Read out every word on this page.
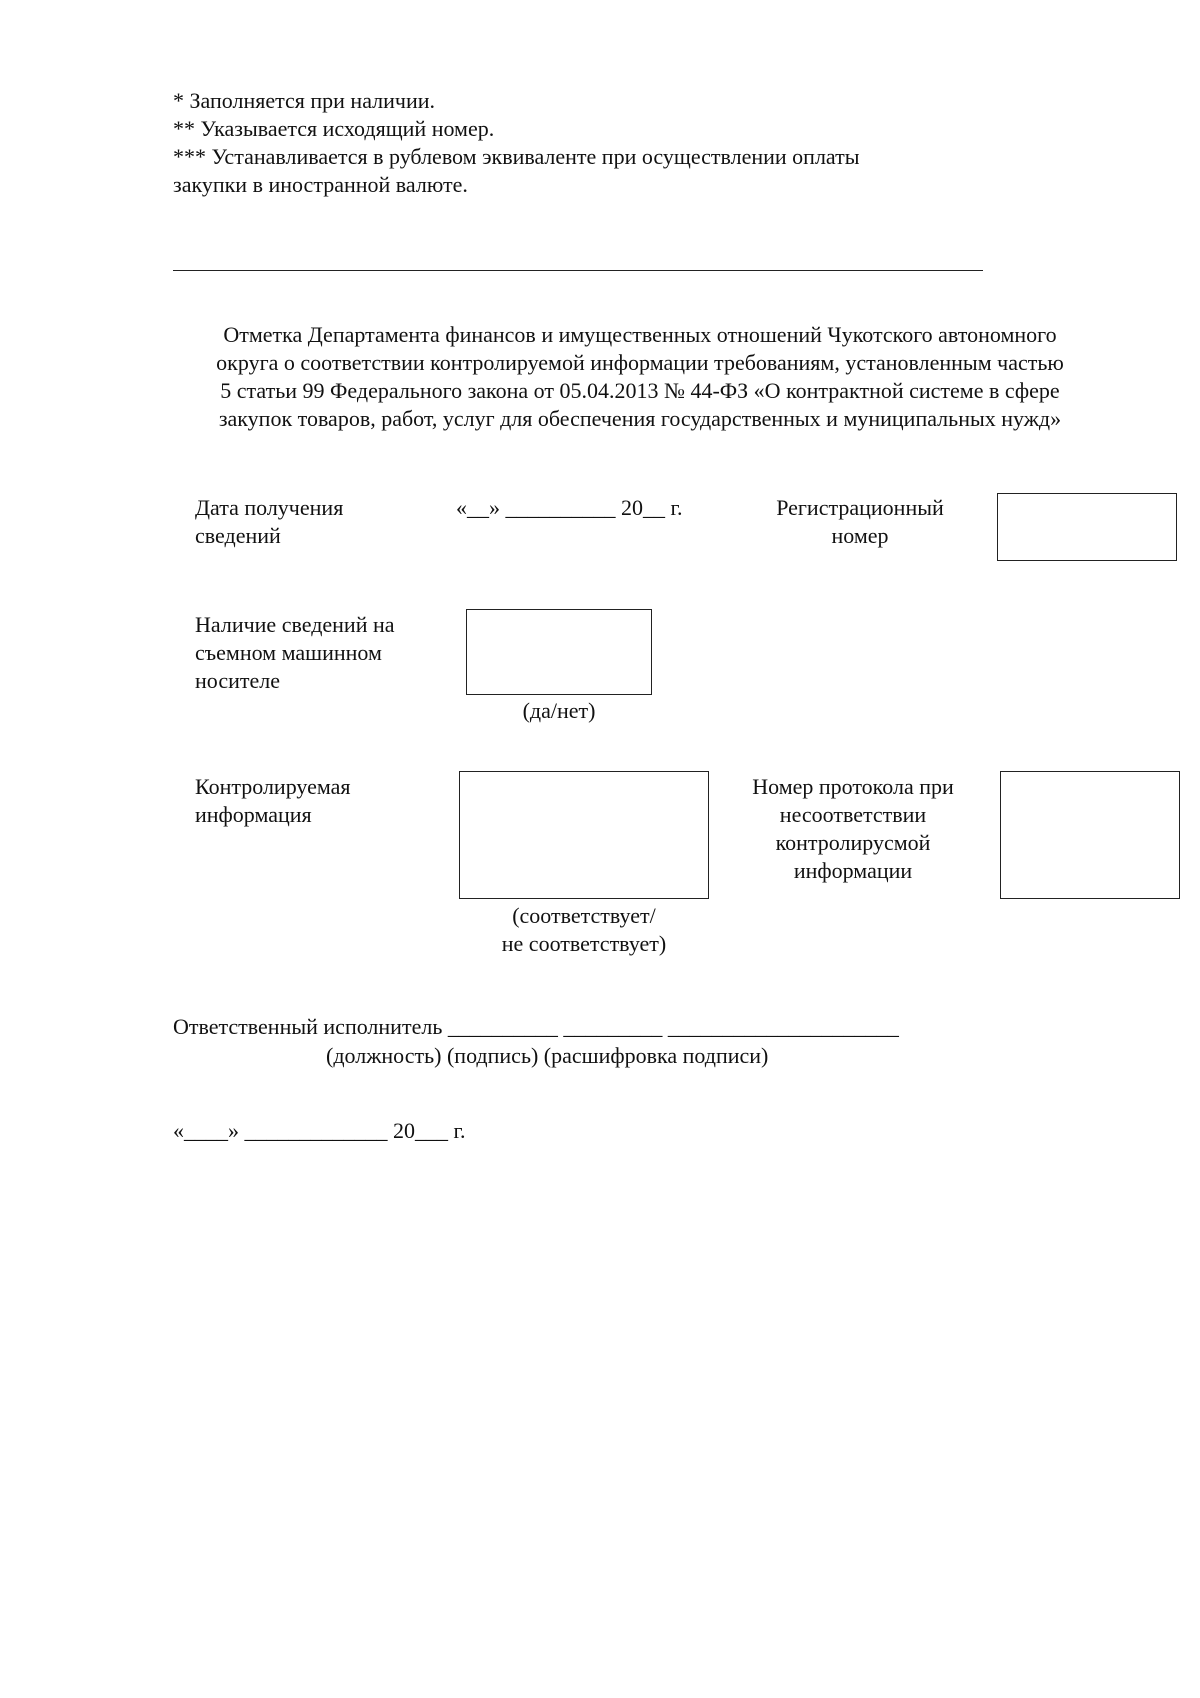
* Заполняется при наличии.
** Указывается исходящий номер.
*** Устанавливается в рублевом эквиваленте при осуществлении оплаты
закупки в иностранной валюте.
Отметка Департамента финансов и имущественных отношений Чукотского автономного
округа о соответствии контролируемой информации требованиям, установленным частью
5 статьи 99 Федерального закона от 05.04.2013 № 44-ФЗ «О контрактной системе в сфере
закупок товаров, работ, услуг для обеспечения государственных и муниципальных нужд»
Дата получения
сведений
«__» __________ 20__ г.	Регистрационный
номер
Наличие сведений на
съемном машинном
носителе
(да/нет)
Контролируемая
информация
(соответствует/
не соответствует)
Номер протокола при
несоответствии
контролирусмой
информации
Ответственный исполнитель __________ _________ _____________________
(должность) (подпись) (расшифровка подписи)
«____» _____________ 20___ г.
